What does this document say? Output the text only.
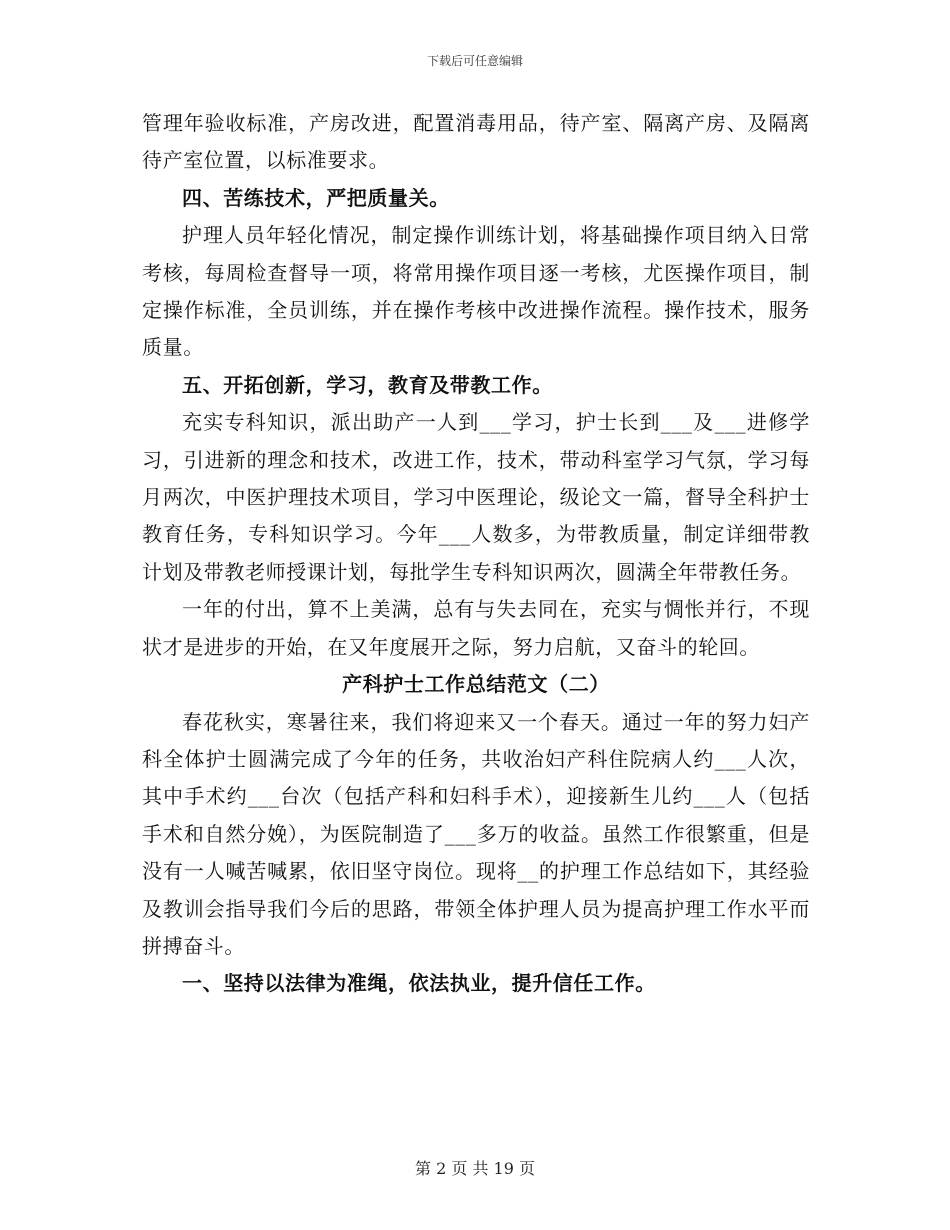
下载后可任意编辑

管理年验收标准，产房改进，配置消毒用品，待产室、隔离产房、及隔离待产室位置，以标准要求。

四、苦练技术，严把质量关。

护理人员年轻化情况，制定操作训练计划，将基础操作项目纳入日常考核，每周检查督导一项，将常用操作项目逐一考核，尤医操作项目，制定操作标准，全员训练，并在操作考核中改进操作流程。操作技术，服务质量。

五、开拓创新，学习，教育及带教工作。

充实专科知识，派出助产一人到___学习，护士长到___及___进修学习，引进新的理念和技术，改进工作，技术，带动科室学习气氛，学习每月两次，中医护理技术项目，学习中医理论，级论文一篇，督导全科护士教育任务，专科知识学习。今年___人数多，为带教质量，制定详细带教计划及带教老师授课计划，每批学生专科知识两次，圆满全年带教任务。

一年的付出，算不上美满，总有与失去同在，充实与惆怅并行，不现状才是进步的开始，在又年度展开之际，努力启航，又奋斗的轮回。

产科护士工作总结范文（二）

春花秋实，寒暑往来，我们将迎来又一个春天。通过一年的努力妇产科全体护士圆满完成了今年的任务，共收治妇产科住院病人约___人次，其中手术约___台次（包括产科和妇科手术），迎接新生儿约___人（包括手术和自然分娩），为医院制造了___多万的收益。虽然工作很繁重，但是没有一人喊苦喊累，依旧坚守岗位。现将__的护理工作总结如下，其经验及教训会指导我们今后的思路，带领全体护理人员为提高护理工作水平而拼搏奋斗。

一、坚持以法律为准绳，依法执业，提升信任工作。

第 2 页 共 19 页
